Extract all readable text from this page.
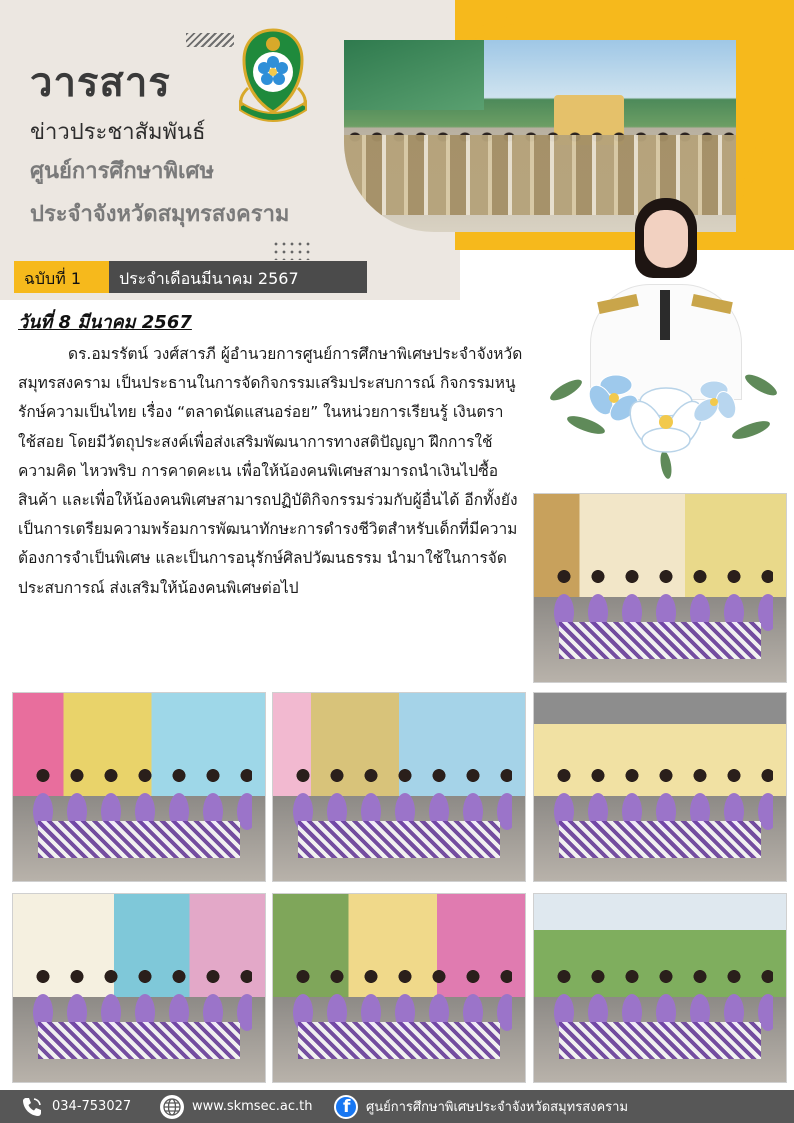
วารสาร
ข่าวประชาสัมพันธ์
ศูนย์การศึกษาพิเศษ
ประจำจังหวัดสมุทรสงคราม
ฉบับที่ 1 ประจำเดือนมีนาคม 2567
วันที่ 8 มีนาคม 2567

ดร.อมรรัตน์ วงศ์สารภี ผู้อำนวยการศูนย์การศึกษาพิเศษประจำจังหวัดสมุทรสงคราม เป็นประธานในการจัดกิจกรรมเสริมประสบการณ์ กิจกรรมหนูรักษ์ความเป็นไทย เรื่อง “ตลาดนัดแสนอร่อย” ในหน่วยการเรียนรู้ เงินตราใช้สอย โดยมีวัตถุประสงค์เพื่อส่งเสริมพัฒนาการทางสติปัญญา ฝึกการใช้ความคิด ไหวพริบ การคาดคะเน เพื่อให้น้องคนพิเศษสามารถนำเงินไปซื้อสินค้า และเพื่อให้น้องคนพิเศษสามารถปฏิบัติกิจกรรมร่วมกับผู้อื่นได้ อีกทั้งยังเป็นการเตรียมความพร้อมการพัฒนาทักษะการดำรงชีวิตสำหรับเด็กที่มีความต้องการจำเป็นพิเศษ และเป็นการอนุรักษ์ศิลปวัฒนธรรม นำมาใช้ในการจัดประสบการณ์ ส่งเสริมให้น้องคนพิเศษต่อไป

034-753027	www.skmsec.ac.th f ศูนย์การศึกษาพิเศษประจำจังหวัดสมุทรสงคราม
